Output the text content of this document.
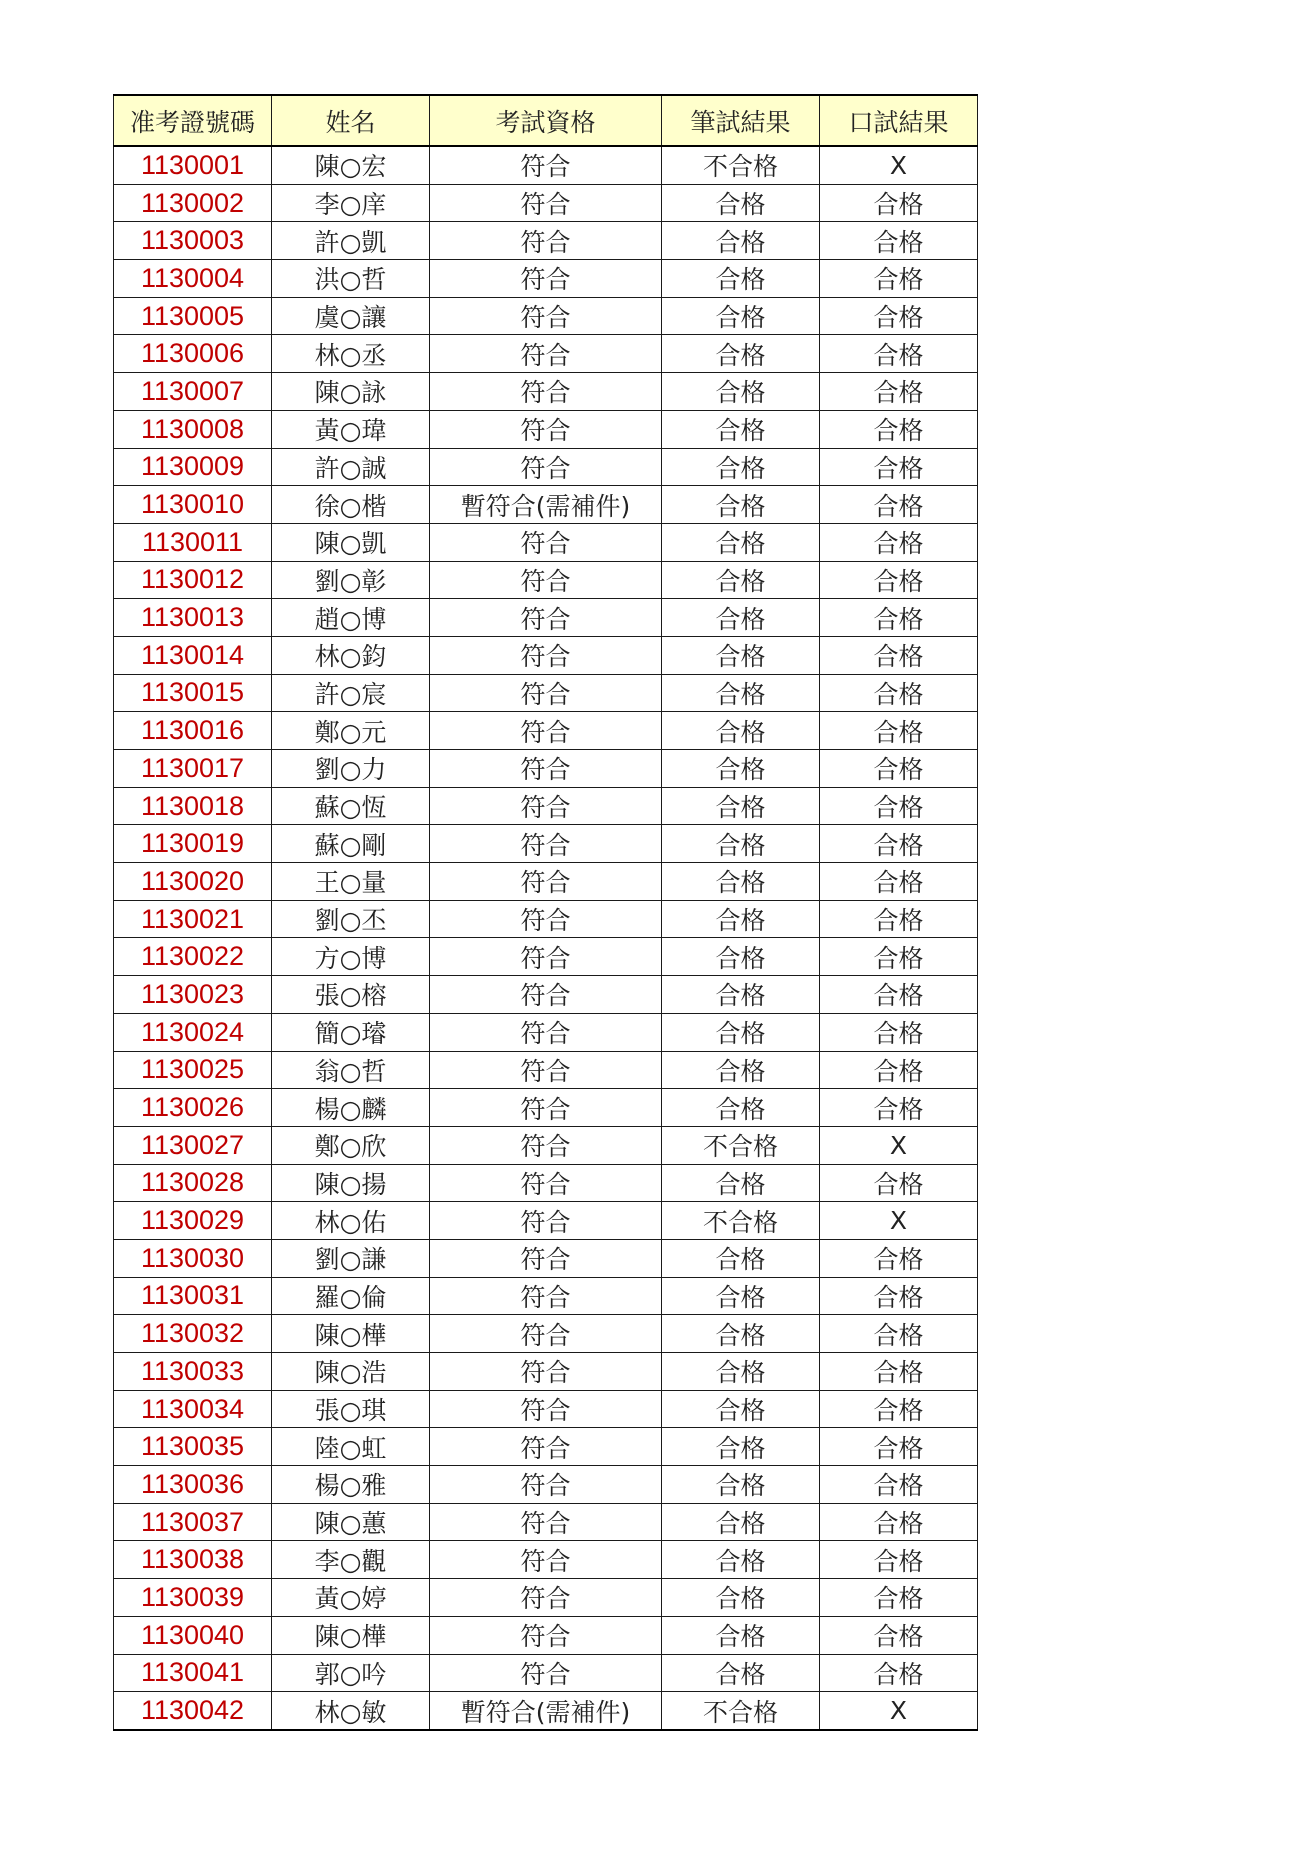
准考證號碼	姓名	考試資格	筆試結果	口試結果
1130001	陳○宏	符合	不合格	X
1130002	李○庠	符合	合格	合格
1130003	許○凱	符合	合格	合格
1130004	洪○哲	符合	合格	合格
1130005	虞○讓	符合	合格	合格
1130006	林○丞	符合	合格	合格
1130007	陳○詠	符合	合格	合格
1130008	黃○瑋	符合	合格	合格
1130009	許○誠	符合	合格	合格
1130010	徐○楷	暫符合(需補件)	合格	合格
1130011	陳○凱	符合	合格	合格
1130012	劉○彰	符合	合格	合格
1130013	趙○博	符合	合格	合格
1130014	林○鈞	符合	合格	合格
1130015	許○宸	符合	合格	合格
1130016	鄭○元	符合	合格	合格
1130017	劉○力	符合	合格	合格
1130018	蘇○恆	符合	合格	合格
1130019	蘇○剛	符合	合格	合格
1130020	王○量	符合	合格	合格
1130021	劉○丕	符合	合格	合格
1130022	方○博	符合	合格	合格
1130023	張○榕	符合	合格	合格
1130024	簡○璿	符合	合格	合格
1130025	翁○哲	符合	合格	合格
1130026	楊○麟	符合	合格	合格
1130027	鄭○欣	符合	不合格	X
1130028	陳○揚	符合	合格	合格
1130029	林○佑	符合	不合格	X
1130030	劉○謙	符合	合格	合格
1130031	羅○倫	符合	合格	合格
1130032	陳○樺	符合	合格	合格
1130033	陳○浩	符合	合格	合格
1130034	張○琪	符合	合格	合格
1130035	陸○虹	符合	合格	合格
1130036	楊○雅	符合	合格	合格
1130037	陳○蕙	符合	合格	合格
1130038	李○觀	符合	合格	合格
1130039	黃○婷	符合	合格	合格
1130040	陳○樺	符合	合格	合格
1130041	郭○吟	符合	合格	合格
1130042	林○敏	暫符合(需補件)	不合格	X
